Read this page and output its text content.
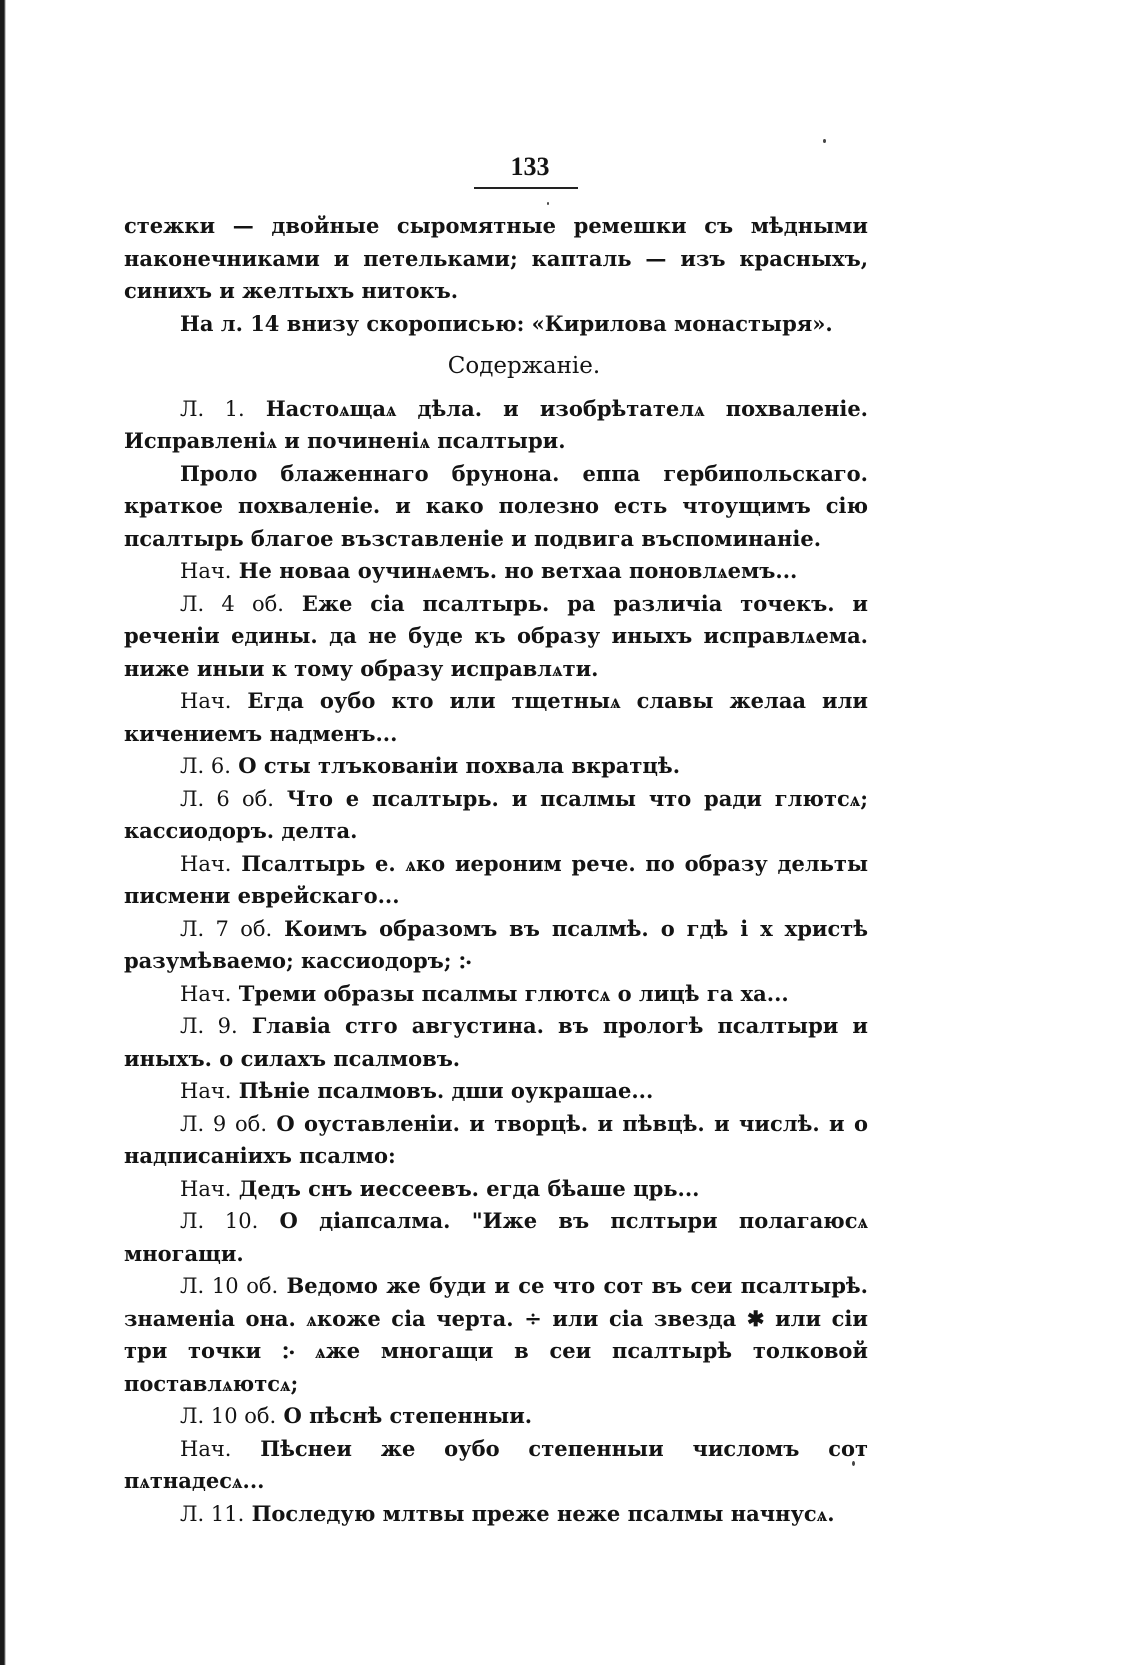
133

стежки — двойные сыромятные ремешки съ мѣдными наконечниками и петельками; капталь — изъ красныхъ, синихъ и желтыхъ нитокъ.

На л. 14 внизу скорописью: «Кирилова монастыря».

Содержаніе.

Л. 1. Настоѧщаѧ дѣла. и изобрѣтателѧ похваленіе. Исправленіѧ и починеніѧ псалтыри.

Проло блаженнаго брунона. еппа гербипольскаго. краткое похваленіе. и како полезно есть чтоущимъ сію псалтырь благое възставленіе и подвига въспоминаніе.

Нач. Не новаа оучинѧемъ. но ветхаа поновлѧемъ...

Л. 4 об. Еже сіа псалтырь. ра различіа точекъ. и реченіи едины. да не буде къ образу иныхъ исправлѧема. ниже иныи к тому образу исправлѧти.

Нач. Егда оубо кто или тщетныѧ славы желаа или кичениемъ надменъ...

Л. 6. О сты тлъкованіи похвала вкратцѣ.

Л. 6 об. Что е псалтырь. и псалмы что ради глютсѧ; кассиодоръ. делта.

Нач. Псалтырь е. ѧко иероним рече. по образу дельты писмени еврейскаго...

Л. 7 об. Коимъ образомъ въ псалмѣ. о гдѣ і х христѣ разумѣваемо; кассиодоръ; ჻

Нач. Треми образы псалмы глютсѧ о лицѣ га ха...

Л. 9. Главіа стго августина. въ прологѣ псалтыри и иныхъ. о силахъ псалмовъ.

Нач. Пѣніе псалмовъ. дши оукрашае...

Л. 9 об. О оуставленіи. и творцѣ. и пѣвцѣ. и числѣ. и о надписаніихъ псалмо:

Нач. Дедъ снъ иессеевъ. егда бѣаше црь...

Л. 10. О діапсалма. "Иже въ пслтыри полагаюсѧ многащи.

Л. 10 об. Ведомо же буди и се что сот въ сеи псалтырѣ. знаменіа она. ѧкоже сіа черта. ÷ или сіа звезда ✱ или сіи три точки ჻ ѧже многащи в сеи псалтырѣ толковой поставлѧютсѧ;

Л. 10 об. О пѣснѣ степенныи.

Нач. Пѣснеи же оубо степенныи числомъ сот пѧтнадесѧ...

Л. 11. Последую млтвы преже неже псалмы начнусѧ.
